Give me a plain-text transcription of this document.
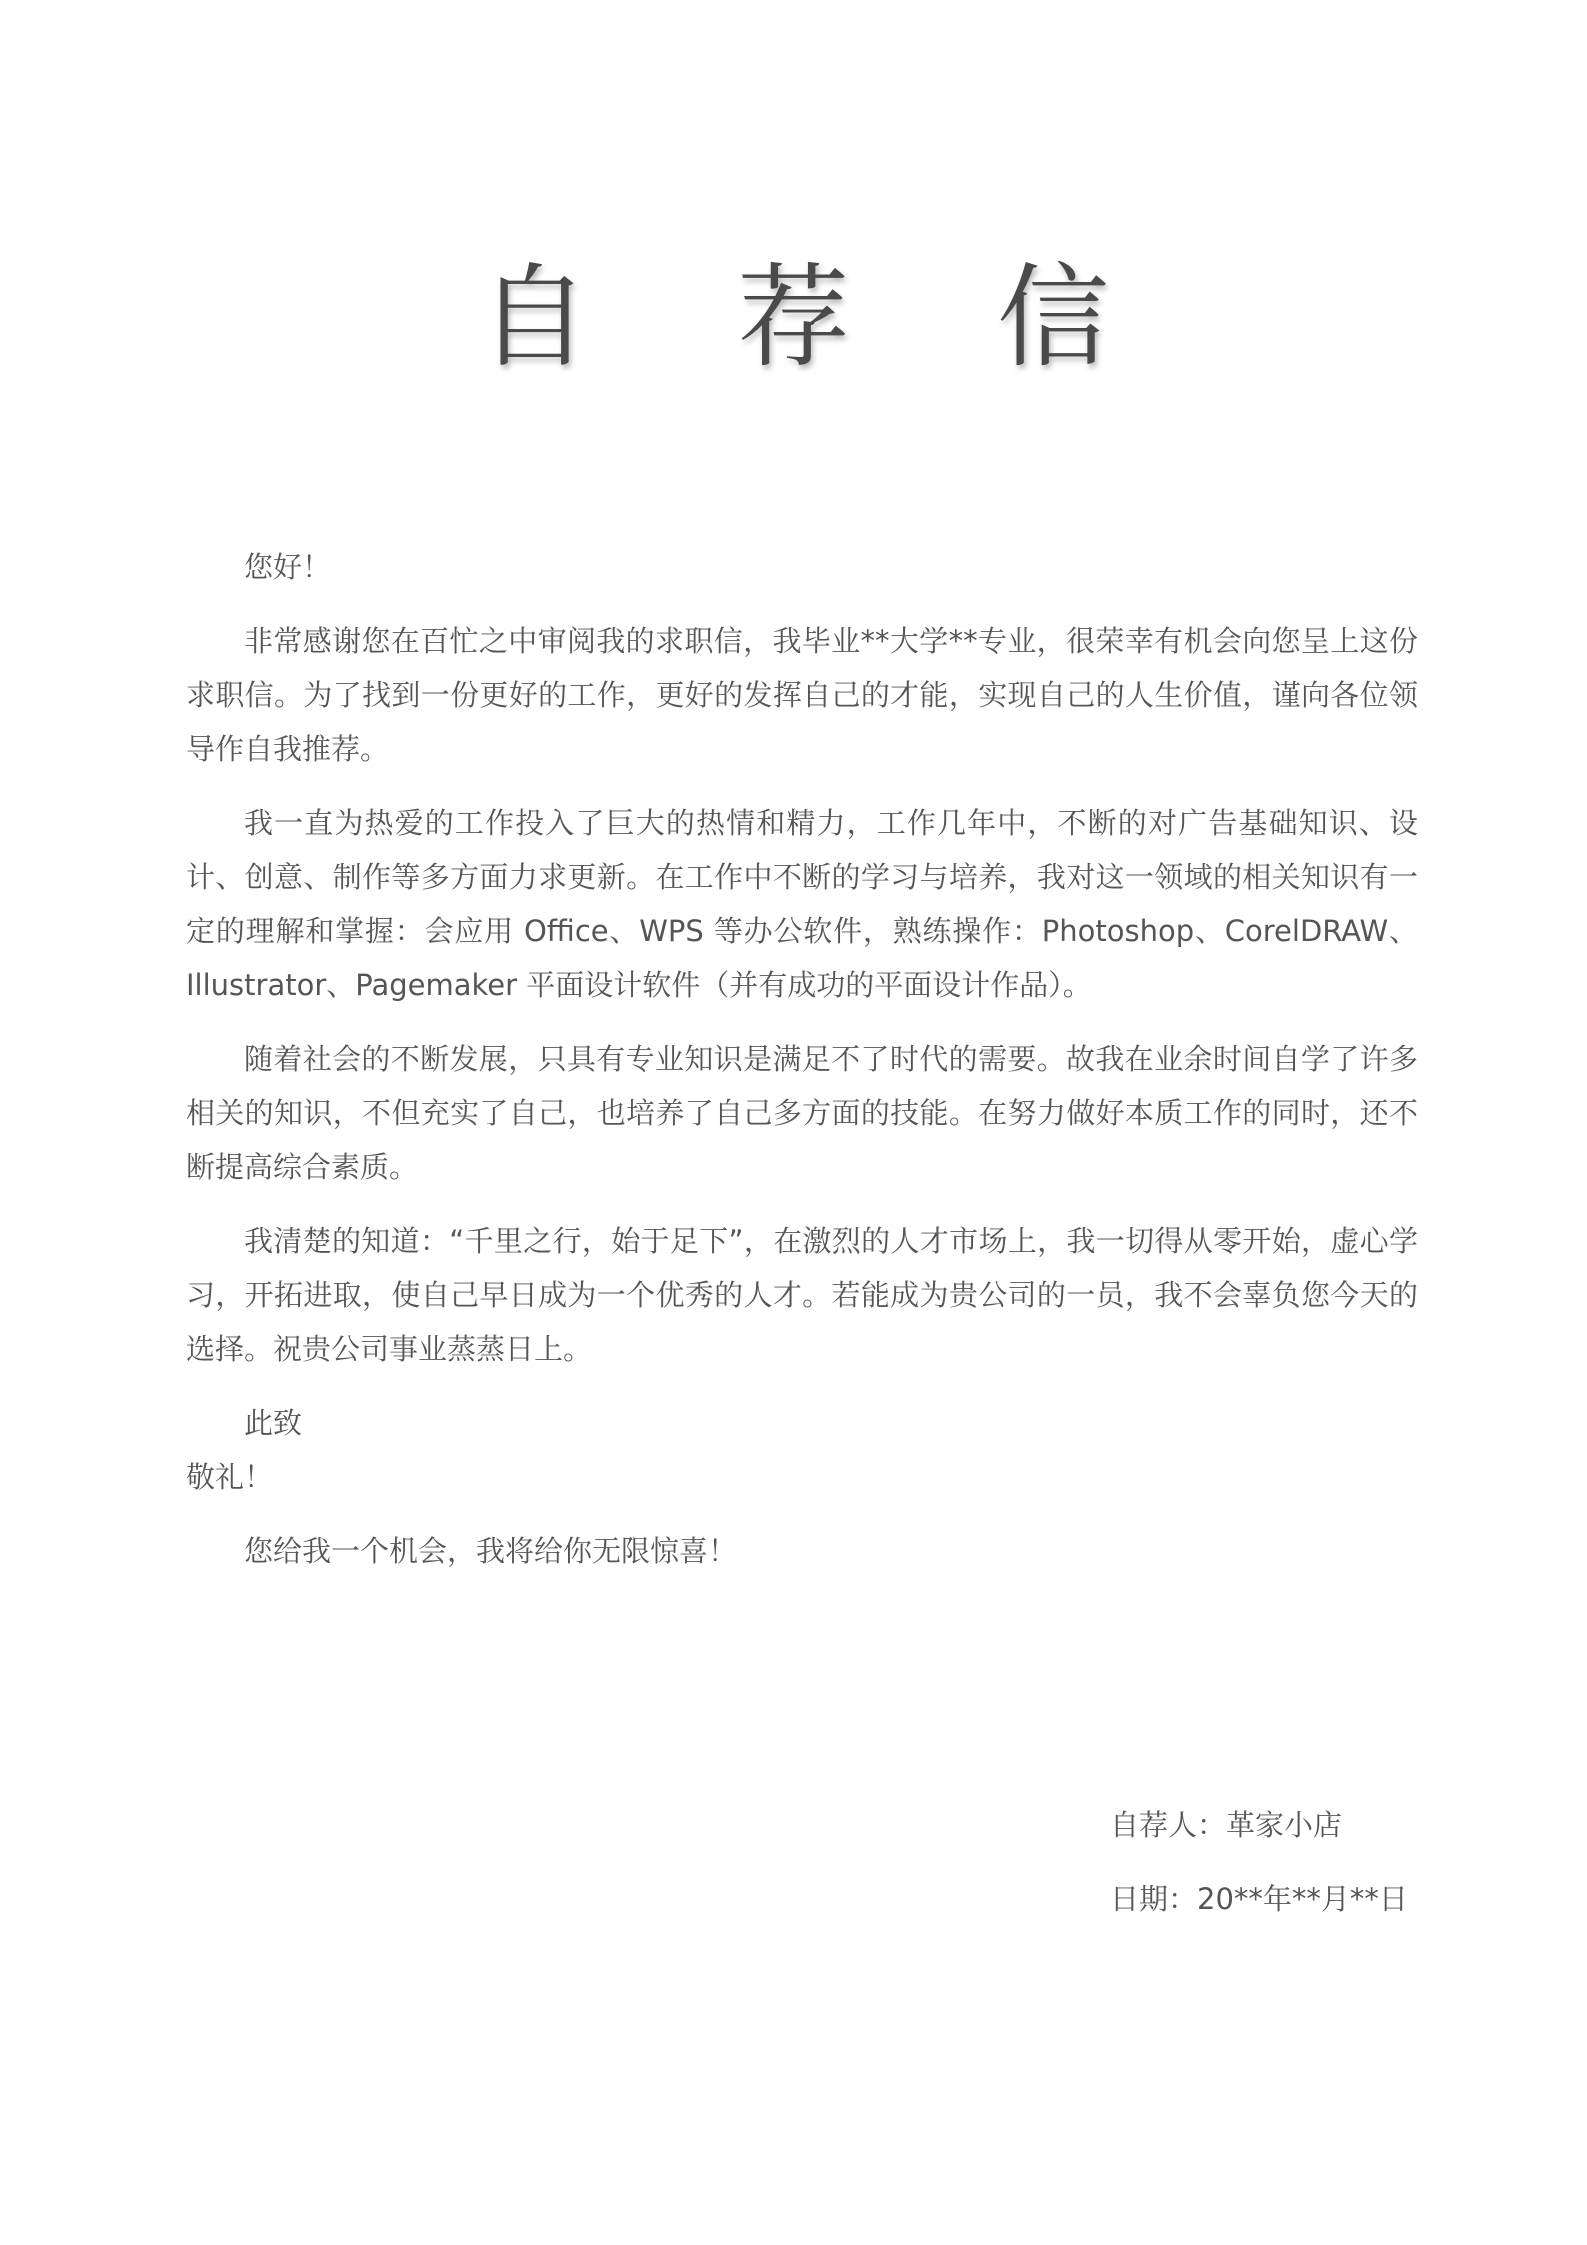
自 荐 信

您好！

非常感谢您在百忙之中审阅我的求职信，我毕业**大学**专业，很荣幸有机会向您呈上这份求职信。为了找到一份更好的工作，更好的发挥自己的才能，实现自己的人生价值，谨向各位领导作自我推荐。

我一直为热爱的工作投入了巨大的热情和精力，工作几年中，不断的对广告基础知识、设计、创意、制作等多方面力求更新。在工作中不断的学习与培养，我对这一领域的相关知识有一定的理解和掌握：会应用 Office、WPS 等办公软件，熟练操作：Photoshop、CorelDRAW、Illustrator、Pagemaker 平面设计软件（并有成功的平面设计作品）。

随着社会的不断发展，只具有专业知识是满足不了时代的需要。故我在业余时间自学了许多相关的知识，不但充实了自己，也培养了自己多方面的技能。在努力做好本质工作的同时，还不断提高综合素质。

我清楚的知道：“千里之行，始于足下”，在激烈的人才市场上，我一切得从零开始，虚心学习，开拓进取，使自己早日成为一个优秀的人才。若能成为贵公司的一员，我不会辜负您今天的选择。祝贵公司事业蒸蒸日上。

此致

敬礼！

您给我一个机会，我将给你无限惊喜！

自荐人：革家小店

日期：20**年**月**日
